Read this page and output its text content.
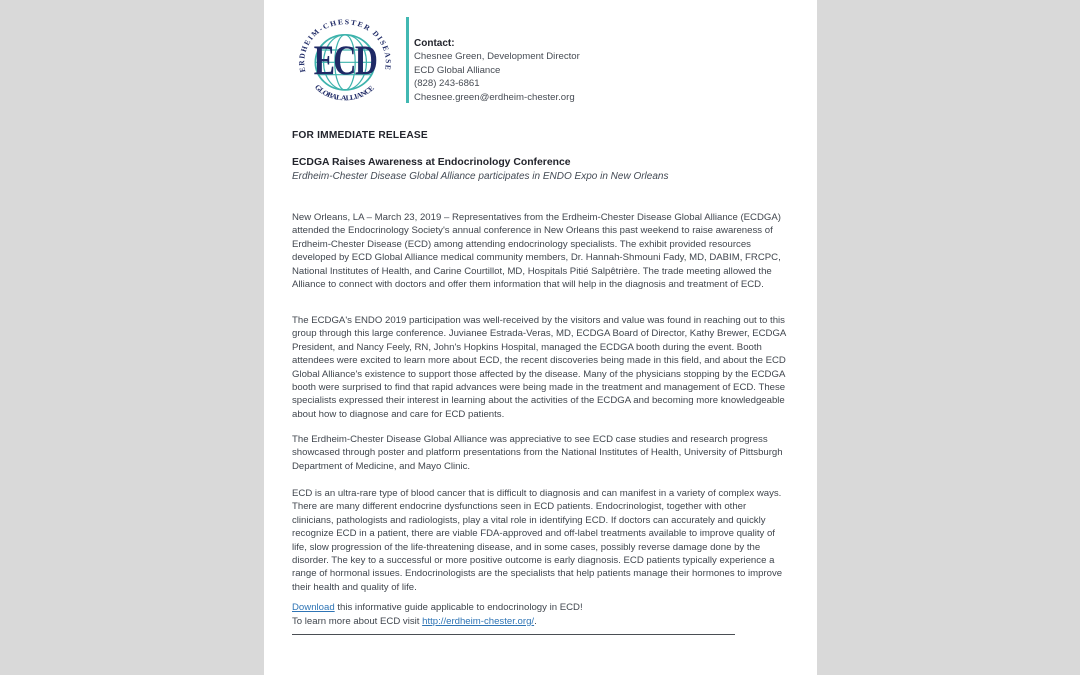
ECD
ERDHEIM-CHESTER DISEASE
GLOBAL ALLIANCE
Contact:
Chesnee Green, Development Director
ECD Global Alliance
(828) 243-6861
Chesnee.green@erdheim-chester.org
FOR IMMEDIATE RELEASE
ECDGA Raises Awareness at Endocrinology Conference
Erdheim-Chester Disease Global Alliance participates in ENDO Expo in New Orleans

New Orleans, LA – March 23, 2019 – Representatives from the Erdheim-Chester Disease Global Alliance (ECDGA) attended the Endocrinology Society's annual conference in New Orleans this past weekend to raise awareness of Erdheim-Chester Disease (ECD) among attending endocrinology specialists. The exhibit provided resources developed by ECD Global Alliance medical community members, Dr. Hannah-Shmouni Fady, MD, DABIM, FRCPC, National Institutes of Health, and Carine Courtillot, MD, Hospitals Pitié Salpêtrière. The trade meeting allowed the Alliance to connect with doctors and offer them information that will help in the diagnosis and treatment of ECD.

The ECDGA's ENDO 2019 participation was well-received by the visitors and value was found in reaching out to this group through this large conference. Juvianee Estrada-Veras, MD, ECDGA Board of Director, Kathy Brewer, ECDGA President, and Nancy Feely, RN, John's Hopkins Hospital, managed the ECDGA booth during the event. Booth attendees were excited to learn more about ECD, the recent discoveries being made in this field, and about the ECD Global Alliance's existence to support those affected by the disease. Many of the physicians stopping by the ECDGA booth were surprised to find that rapid advances were being made in the treatment and management of ECD. These specialists expressed their interest in learning about the activities of the ECDGA and becoming more knowledgeable about how to diagnose and care for ECD patients.

The Erdheim-Chester Disease Global Alliance was appreciative to see ECD case studies and research progress showcased through poster and platform presentations from the National Institutes of Health, University of Pittsburgh Department of Medicine, and Mayo Clinic.

ECD is an ultra-rare type of blood cancer that is difficult to diagnosis and can manifest in a variety of complex ways. There are many different endocrine dysfunctions seen in ECD patients. Endocrinologist, together with other clinicians, pathologists and radiologists, play a vital role in identifying ECD. If doctors can accurately and quickly recognize ECD in a patient, there are viable FDA-approved and off-label treatments available to improve quality of life, slow progression of the life-threatening disease, and in some cases, possibly reverse damage done by the disorder. The key to a successful or more positive outcome is early diagnosis. ECD patients typically experience a range of hormonal issues. Endocrinologists are the specialists that help patients manage their hormones to improve their health and quality of life.

Download this informative guide applicable to endocrinology in ECD!

To learn more about ECD visit http://erdheim-chester.org/.
